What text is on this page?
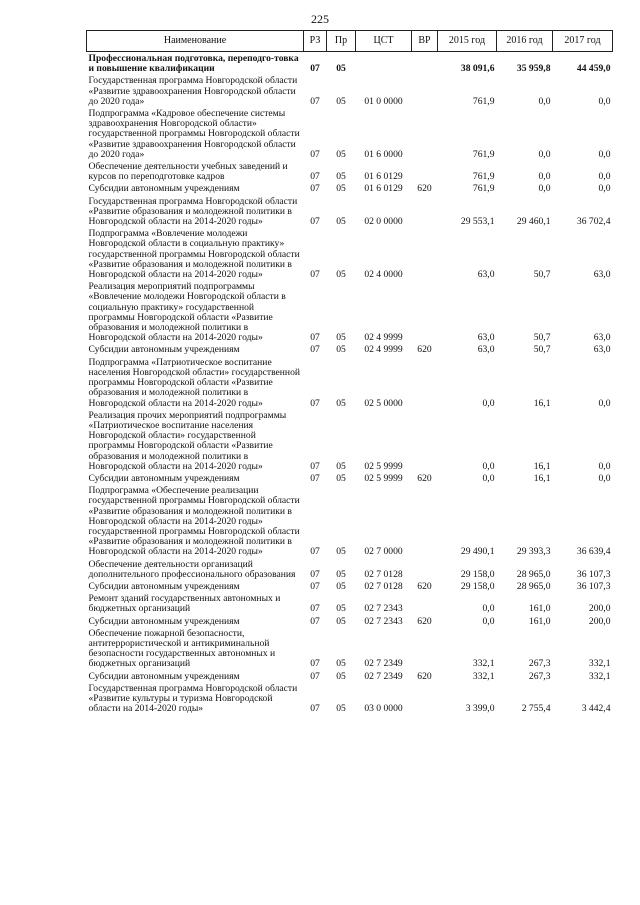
225
Наименование	РЗ	Пр	ЦСТ	ВР	2015 год	2016 год	2017 год
Профессиональная подготовка, переподго-товка и повышение квалификации	07	05			38 091,6	35 959,8	44 459,0
Государственная программа Новгородской области «Развитие здравоохранения Новгородской области до 2020 года»	07	05	01 0 0000		761,9	0,0	0,0
Подпрограмма «Кадровое обеспечение системы здравоохранения Новгородской области» государственной программы Новгородской области «Развитие здравоохранения Новгородской области до 2020 года»	07	05	01 6 0000		761,9	0,0	0,0
Обеспечение деятельности учебных заведений и курсов по переподготовке кадров	07	05	01 6 0129		761,9	0,0	0,0
Субсидии автономным учреждениям	07	05	01 6 0129	620	761,9	0,0	0,0
Государственная программа Новгородской области «Развитие образования и молодежной политики в Новгородской области на 2014-2020 годы»	07	05	02 0 0000		29 553,1	29 460,1	36 702,4
Подпрограмма «Вовлечение молодежи Новгородской области в социальную практику» государственной программы Новгородской области «Развитие образования и молодежной политики в Новгородской области на 2014-2020 годы»	07	05	02 4 0000		63,0	50,7	63,0
Реализация мероприятий подпрограммы «Вовлечение молодежи Новгородской области в социальную практику» государственной программы Новгородской области «Развитие образования и молодежной политики в Новгородской области на 2014-2020 годы»	07	05	02 4 9999		63,0	50,7	63,0
Субсидии автономным учреждениям	07	05	02 4 9999	620	63,0	50,7	63,0
Подпрограмма «Патриотическое воспитание населения Новгородской области» государственной программы Новгородской области «Развитие образования и молодежной политики в Новгородской области на 2014-2020 годы»	07	05	02 5 0000		0,0	16,1	0,0
Реализация прочих мероприятий подпрограммы «Патриотическое воспитание населения Новгородской области» государственной программы Новгородской области «Развитие образования и молодежной политики в Новгородской области на 2014-2020 годы»	07	05	02 5 9999		0,0	16,1	0,0
Субсидии автономным учреждениям	07	05	02 5 9999	620	0,0	16,1	0,0
Подпрограмма «Обеспечение реализации государственной программы Новгородской области «Развитие образования и молодежной политики в Новгородской области на 2014-2020 годы» государственной программы Новгородской области «Развитие образования и молодежной политики в Новгородской области на 2014-2020 годы»	07	05	02 7 0000		29 490,1	29 393,3	36 639,4
Обеспечение деятельности организаций дополнительного профессионального образования	07	05	02 7 0128		29 158,0	28 965,0	36 107,3
Субсидии автономным учреждениям	07	05	02 7 0128	620	29 158,0	28 965,0	36 107,3
Ремонт зданий государственных автономных и бюджетных организаций	07	05	02 7 2343		0,0	161,0	200,0
Субсидии автономным учреждениям	07	05	02 7 2343	620	0,0	161,0	200,0
Обеспечение пожарной безопасности, антитеррористической и антикриминальной безопасности государственных автономных и бюджетных организаций	07	05	02 7 2349		332,1	267,3	332,1
Субсидии автономным учреждениям	07	05	02 7 2349	620	332,1	267,3	332,1
Государственная программа Новгородской области «Развитие культуры и туризма Новгородской области на 2014-2020 годы»	07	05	03 0 0000		3 399,0	2 755,4	3 442,4
